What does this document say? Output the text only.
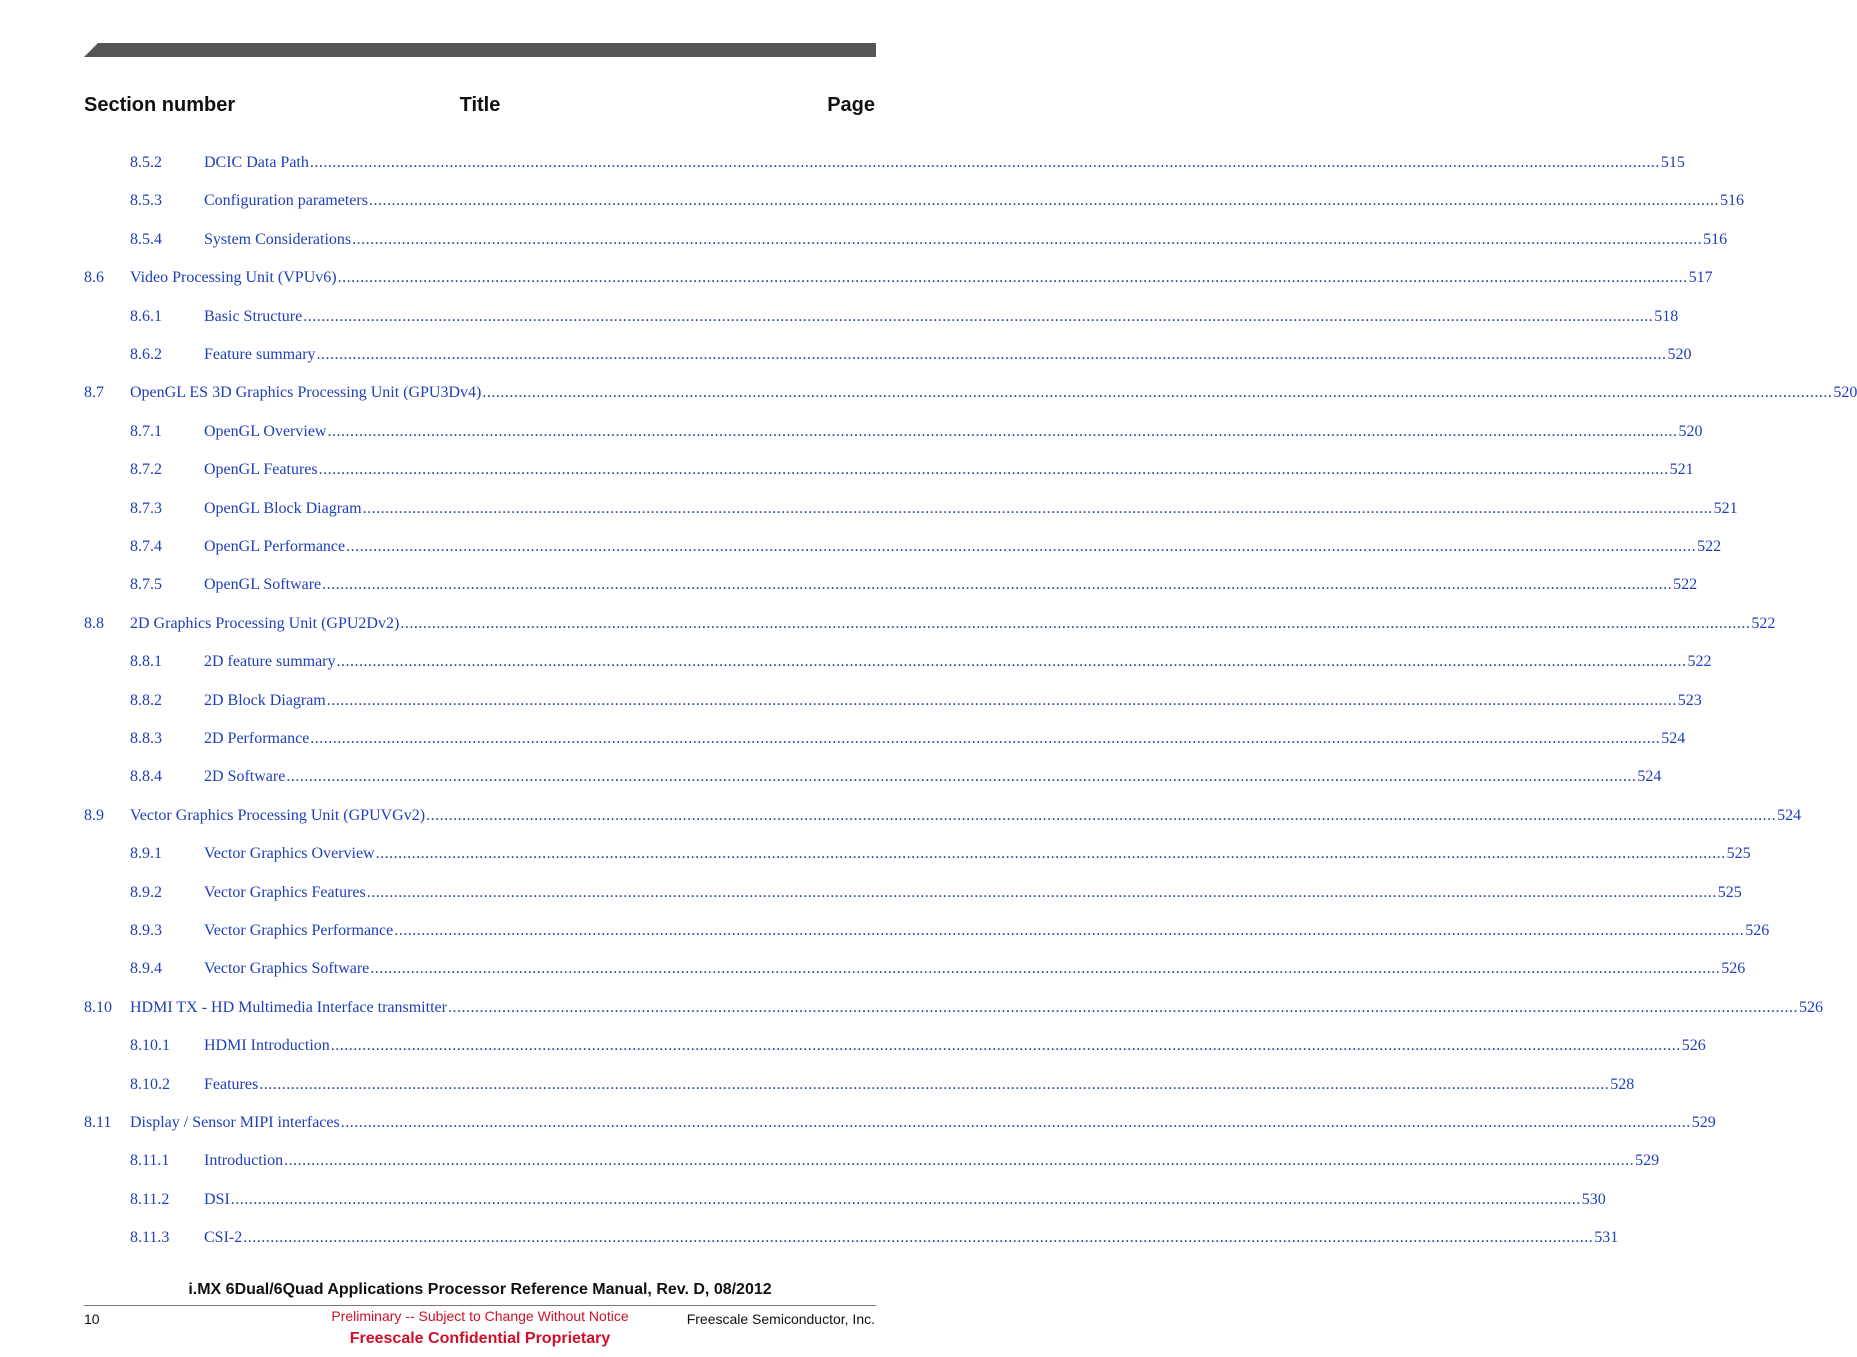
Section number	Title	Page
8.5.2	DCIC Data Path ............................................................................................................................................................................................................................................................................................................ 515
8.5.3	Configuration parameters ............................................................................................................................................................................................................................................................................................................ 516
8.5.4	System Considerations ............................................................................................................................................................................................................................................................................................................ 516
8.6	Video Processing Unit (VPUv6) ............................................................................................................................................................................................................................................................................................................ 517
8.6.1	Basic Structure ............................................................................................................................................................................................................................................................................................................ 518
8.6.2	Feature summary ............................................................................................................................................................................................................................................................................................................ 520
8.7	OpenGL ES 3D Graphics Processing Unit (GPU3Dv4) ............................................................................................................................................................................................................................................................................................................ 520
8.7.1	OpenGL Overview ............................................................................................................................................................................................................................................................................................................ 520
8.7.2	OpenGL Features ............................................................................................................................................................................................................................................................................................................ 521
8.7.3	OpenGL Block Diagram ............................................................................................................................................................................................................................................................................................................ 521
8.7.4	OpenGL Performance ............................................................................................................................................................................................................................................................................................................ 522
8.7.5	OpenGL Software ............................................................................................................................................................................................................................................................................................................ 522
8.8	2D Graphics Processing Unit (GPU2Dv2) ............................................................................................................................................................................................................................................................................................................ 522
8.8.1	2D feature summary ............................................................................................................................................................................................................................................................................................................ 522
8.8.2	2D Block Diagram ............................................................................................................................................................................................................................................................................................................ 523
8.8.3	2D Performance ............................................................................................................................................................................................................................................................................................................ 524
8.8.4	2D Software ............................................................................................................................................................................................................................................................................................................ 524
8.9	Vector Graphics Processing Unit (GPUVGv2) ............................................................................................................................................................................................................................................................................................................ 524
8.9.1	Vector Graphics Overview ............................................................................................................................................................................................................................................................................................................ 525
8.9.2	Vector Graphics Features ............................................................................................................................................................................................................................................................................................................ 525
8.9.3	Vector Graphics Performance ............................................................................................................................................................................................................................................................................................................ 526
8.9.4	Vector Graphics Software ............................................................................................................................................................................................................................................................................................................ 526
8.10	HDMI TX - HD Multimedia Interface transmitter ............................................................................................................................................................................................................................................................................................................ 526
8.10.1	HDMI Introduction ............................................................................................................................................................................................................................................................................................................ 526
8.10.2	Features ............................................................................................................................................................................................................................................................................................................ 528
8.11	Display / Sensor MIPI interfaces ............................................................................................................................................................................................................................................................................................................ 529
8.11.1	Introduction ............................................................................................................................................................................................................................................................................................................ 529
8.11.2	DSI ............................................................................................................................................................................................................................................................................................................ 530
8.11.3	CSI-2 ............................................................................................................................................................................................................................................................................................................ 531
i.MX 6Dual/6Quad Applications Processor Reference Manual, Rev. D, 08/2012
10	Preliminary -- Subject to Change Without Notice	Freescale Semiconductor, Inc.
Freescale Confidential Proprietary
